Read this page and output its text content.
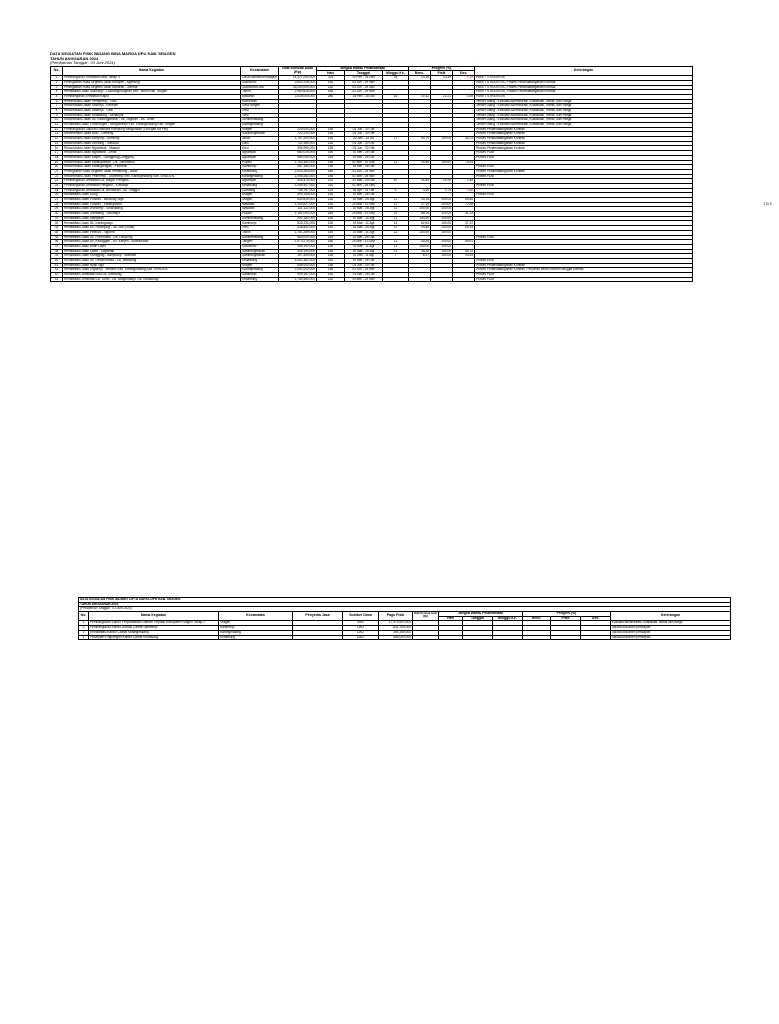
DATA KEGIATAN FISIK BIDANG BINA MARGA DPU KAB. SRAGEN
TAHUN ANGGARAN 2024
(Pembaruan Tanggal : 03 Juni 2024)
No.	Nama Kegiatan	Kecamatan	Nilai Kontrak Awal (Rp)	Jangka Waktu Pelaksanaan			Progres (%)			Keterangan	
				Hari	Tanggal	Minggu Ke-	Renc.	Fisik	Dev.		
1	Pembangunan Jembatan Bibis Tahap II	Gesi/Sukodono/Kaliajam	14,471,000,000	315	13 Feb - 31 Des	15	14.78	13.49	-1.29	PAKET STRATEGIS	
2	Peningkatan Ruas Segmen Jalan Ketoyan - Ngebung	Sukodono	3,602,226,000	180	03 Jun - 29 Nov				-	PAKET STRATEGIS, Proses Penandatanganan Kontrak	
3	Peningkatan Ruas Segmen Jalan Banaran - Jumbar	Sukodono/Gesi	43,000,000,000	180	03 Jun - 29 Nov				-	PAKET STRATEGIS, Proses Penandatanganan Kontrak	
4	Rehabilitasi Jalan Sidoharjo - Gondang/Sugihan Kec. Tanon Kab. Sragen	Tanon	2,980,826,000	180	03 Jun - 29 Nov				-	PAKET STRATEGIS, Proses Penandatanganan Kontrak	
5	Pembangunan Jembatan Kapur	Masaran	3,428,000,000	280	18 Feb - 18 Okt	16	20.32	22.21	1.89	PAKET STRATEGIS	
6	Rekonstruksi Jalan Tempelrejo - Gesi	Mondokan							-	Tender Ulang : Evaluasi Administrasi, Kualifikasi, Teknis, dan Harga	
7	Rekonstruksi Jalan Sidorejo - Kebelan	Gesi/Tangen							-	Tender Ulang : Evaluasi Administrasi, Kualifikasi, Teknis, dan Harga	
8	Rekonstruksi Jalan Sidarejo - Gesi	Gesi							-	Tender Ulang : Evaluasi Administrasi, Kualifikasi, Teknis, dan Harga	
9	Rekonstruksi Jalan Kedawung - Denanyar	Gesi							-	Tender Ulang : Evaluasi Administrasi, Kualifikasi, Teknis, dan Harga	
10	Rekonstruksi Jalan Ds. Kedungjambal - Ds. Jagoran - Ds. Jenar	Sumberlawang							-	Tender Ulang : Evaluasi Administrasi, Kualifikasi, Teknis, dan Harga	
11	Rehabilitasi Jalan Pumbungan - Bangsanrejo Kec. Karangmalang Kab. Sragen	Karangmalang							-	Tender Ulang : Evaluasi Administrasi, Kualifikasi, Teknis, dan Harga	
12	Pembangunan Saluran Drainase Kampung Bangunsari (Tkungan Ka Par)	Sragen	229,000,000	150	03 Jun - 30 Okt					Proses Penandatanganan Kontrak	
13	Rekonstruksi Jalan Butu - Cemeng	Sambungmacan	729,230,000	150	03 Jun - 30 Okt					Proses Penandatanganan Kontrak	
14	Rekonstruksi Jalan Banyurip - Blimbing	Jenar	1,787,200,000	150	20 Jan - 18 Jul	17	64.79	100.00	35.21	Proses Penandatanganan Kontrak	
15	Rekonstruksi Jalan Gentung - Sleratus	Gesi	741,980,000	150	03 Jun - 30 Okt					Proses Penandatanganan Kontrak	
16	Rekonstruksi Jalan Ngrambak - Mlasan	Gesi	395,990,000	150	03 Jun - 30 Okt					Proses Penandatanganan Kontrak	
17	Rekonstruksi Jalan Ngrambat - Jenar	Ngrampal	640,025,000	150	10 Mei - 26 Okt					Proses PDM	
18	Rekonstruksi Jalan Kayen - Ganggeng(Cunggelo)	Ngrampal	989,030,000	150	19 Mei - 25 Okt					Proses PDM	
19	Rekonstruksi Jalan Karangwetan - Ds. Jumantono	Plupuh	1,763,811,000	180	01 Mei - 10 Sep	12	25.56	100.00	70.44		
20	Rekonstruksi Jalan Karangtengah - Plumbon	Sambirejo	387,180,000	150	10 Mei - 26 Okt					Proses PDM	
21	Peningkatan Ruas Segmen Jalan Kedawung - Boan	Kedawung	2,003,393,000	180	03 Jun - 29 Nov					Proses Penandatanganan Kontrak	
22	Rekonstruksi Jalan Pelemrejo - Duwetrejo Kec. Karangmalang Kab. SRAGEN	Karangmalang	1,055,281,000	180	01 Mei - 26 Nov					Proses PDM	
23	Pembangunan Jembatan Ds. Bagor, Pengkok	Ngrampal	316,470,000	210	20 Mar - 15 Okt	10	16.85	19.29	2.44		
24	Pembangunan Jembatan Pengkok - Kutoanjo	Kedawung	1,289,507,000	210	01 Mei - 26 Des					Proses PDM	
25	Pembangunan Jembatan Dk. Bendoroto, Ds. Tunggul	Gondang	736,787,000	120	05 Apr - 31 Okt	6	3.50	2.70	-0.80		
26	Rehabilitasi Jalan Dung	Sragen	490,168,000	150	10 Mei - 26 Okt					Proses PDM	
27	Rehabilitasi Jalan Pundah - Bendung Sigit	Sragen	649,810,000	150	20 Mar - 26 Agt	11	35.15	100.00	64.85		
28	Rehabilitasi Jalan Pundah - Karanganom	Masaran	1,440,827,000	180	20 Mar - 13 Sep	11	27.15	100.00	72.85		170.9
29	Rehabilitasi Jalan Wonorejo - Sinarudang	Masaran	331,122,000	150	20 Mar - 26 Agt	11	100.00	100.00			
30	Rehabilitasi Jalan Jomblang - Sidoharjo	Plupuh	1,181,091,000	180	29 Mar - 13 Sep	12	68.78	100.00	31.22		
31	Rehabilitasi Jalan Mangisan	Sumberlawang	292,180,000	150	20 Mar - 26 Agt	11	100.00	100.00			
32	Rehabilitasi Jalan Dk. Karangmojo	Sambirejo	526,230,000	150	01 Mar - 11 Agt	11	62.63	100.00	37.37		
33	Rehabilitasi Jalan Dk. Ketanjung - Dk. Sidi (Duda)	Gesi	436,841,000	150	18 Mar - 26 Agt	12	34.85	100.00	65.15		
34	Rehabilitasi Jalan Pelenus - Nguerit	Tanon	1,751,289,000	150	10 Mar - 11 Agt	12	100.00	100.00			
35	Rehabilitasi Jalan Dk. Purwodadi - Ds. Lempong	Sumberlawang	683,000,000	150	10 Mei - 26 Okt					Proses PDM	
36	Rehabilitasi Jalan Dk. Kedaggan - Ds. Kenjen - Bodelundan	Tangen	1,073,275,000	180	20 Mar - 13 Sep	11	40.39	100.00	59.61		
37	Rehabilitasi Jalan Buah Dajet	Sukodono	956,192,000	150	01 Mar - 11 Agt	11	100.00	100.00			
38	Rehabilitasi Jalan Ctwet - Sayaman	Sambungmacan	399,190,000	150	20 Mar - 26 Agt	11	35.28	100.00	64.72		
39	Rehabilitasi Jalan Krangging - Banyuurip - Wadhon	Sambungmacan	357,544,000	150	01 Mei - 11 Agt	7	6.47	100.00	93.53		
40	Rehabilitasi Jalan Dk. Gendrodanto - Ds. Bedalong	Kedawung	6,081,361,000	150	10 Mei - 26 Okt					Proses PDM	
41	Rehabilitasi Jalan Nyan Ngo	Sragen	558,000,000	150	03 Jun - 30 Okt					Proses Penandatanganan Kontrak	
42	Rehabilitasi Jalan Tegalrejo - Medilun Kec. Karangmalang Kab. SRAGEN	Karangmalang	2,062,000,000	180	03 Jun - 29 Nov					Proses Penandatanganan Kontrak, Penyedia belum konfirm tanggal kontrak	
43	Rehabilitasi Jembatan Kali Ds. Mondung	Sambirejo	409,187,000	180	01 Mei - 26 Okt					Proses PDM	
44	Rehabilitasi Jembatan Dk. Sono - Ds. Banguntanjo, Ds. Kedawung	Kedawung	1,780,569,000	180	29 Mei - 23 Nov					Proses PDM	
DATA KEGIATAN FISIK BIDANG CIPTA KARYA DPU KAB. SRAGEN													
TAHUN ANGGARAN 2024													
(Pembaruan Tanggal : 03 Juni 2024)													
No.	Nama Kegiatan	Kecamatan	Penyedia Jasa	Sumber Dana	Pagu Fisik	Nilai Kontrak Awal (Rp)	Jangka Waktu Pelaksanaan			Progres (%)			Keterangan
							Hari	Tanggal	Minggu Ke-	Renc.	Fisik	Dev.	
1	Pembangunan Kantor Perpustakaan Daerah Terpadu Kabupaten Sragen Tahap 2	Sragen		DAU	17,474,821,500								evaluasi administrasi, kualifikasi, teknis dan harga
2	Pembangunan Kantor Urusan Camat Sambirejo	Sambirejo		DAU	841,700,000								upload dokumen persiapan
3	Rehabilitasi Kantor Camat Karangmalang	Karangmalang		DAU	394,260,000								upload dokumen persiapan
4	Pekerjaan Lingkungan Kantor Camat Kedawung	Kedawung		DAU	488,000,000								upload dokumen persiapan
